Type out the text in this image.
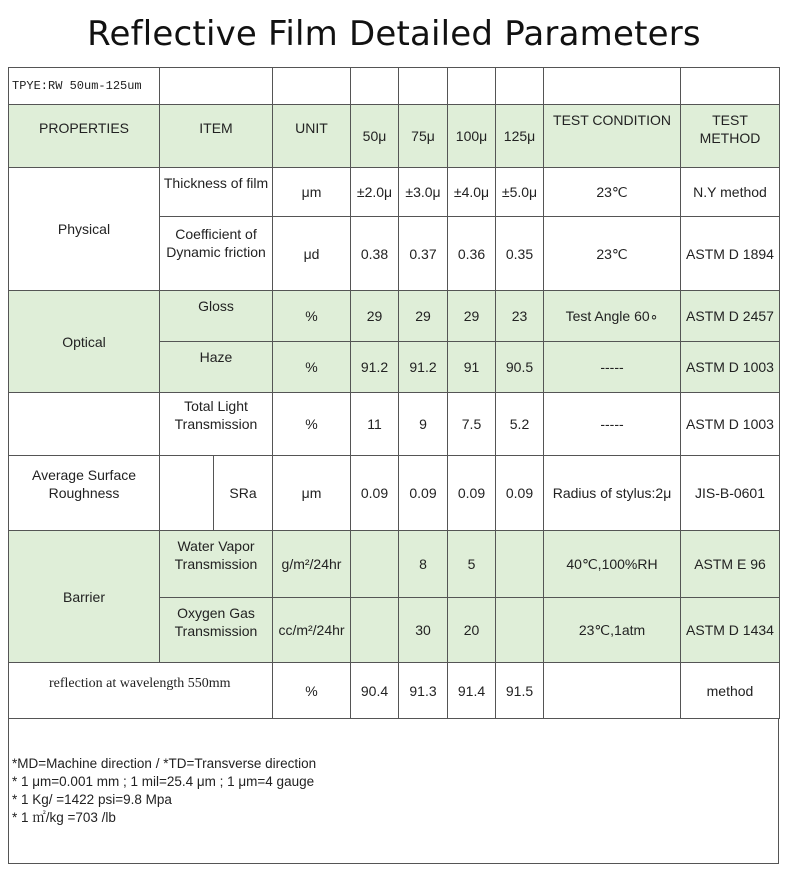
Reflective Film Detailed Parameters
TPYE:RW 50um-125um									
PROPERTIES	ITEM		UNIT	50μ	75μ	100μ	125μ	TEST CONDITION	TEST METHOD
Physical	Thickness of film		μm	±2.0μ	±3.0μ	±4.0μ	±5.0μ	23℃	N.Y method
	Coefficient of Dynamic friction		μd	0.38	0.37	0.36	0.35	23℃	ASTM D 1894
Optical	Gloss		%	29	29	29	23	Test Angle 60∘	ASTM D 2457
	Haze		%	91.2	91.2	91	90.5	-----	ASTM D 1003
	Total Light Transmission		%	11	9	7.5	5.2	-----	ASTM D 1003
Average Surface Roughness		SRa	μm	0.09	0.09	0.09	0.09	Radius of stylus:2μ	JIS-B-0601
Barrier	Water Vapor Transmission		g/m²/24hr		8	5		40℃,100%RH	ASTM E 96
	Oxygen Gas Transmission		cc/m²/24hr		30	20		23℃,1atm	ASTM D 1434
reflection at wavelength 550mm			%	90.4	91.3	91.4	91.5		method
*MD=Machine direction / *TD=Transverse direction
* 1 μm=0.001 mm ; 1 mil=25.4 μm ; 1 μm=4 gauge
* 1 Kg/ =1422 psi=9.8 Mpa
* 1 ㎡/kg =703 /lb
